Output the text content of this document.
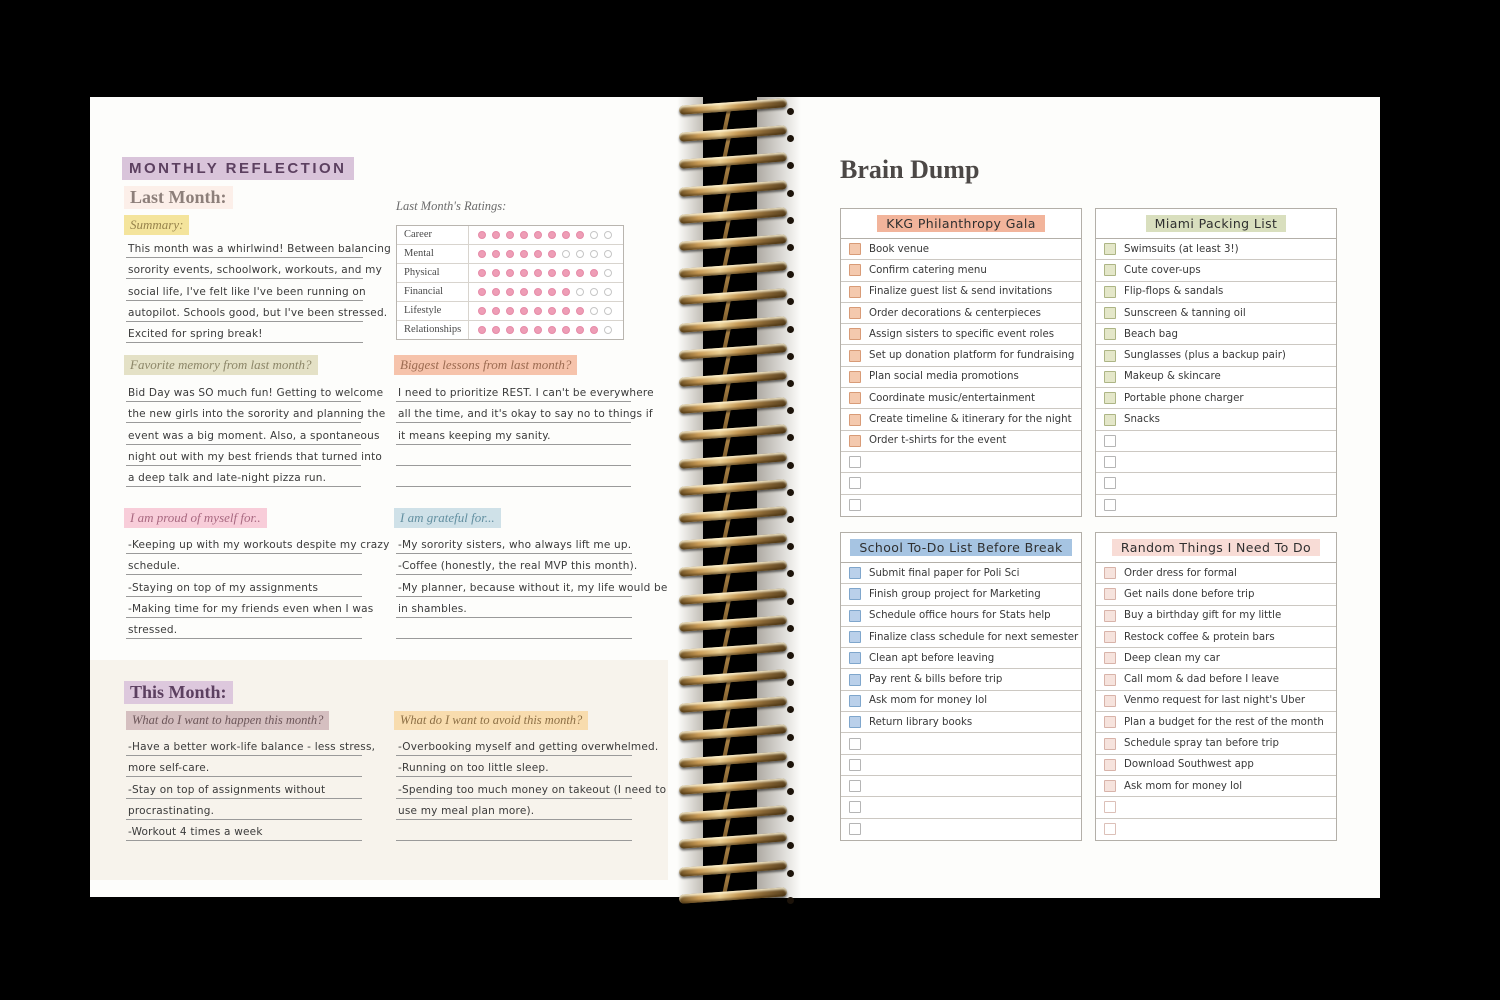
MONTHLY REFLECTION
Last Month:
Summary:
This month was a whirlwind! Between balancing
sorority events, schoolwork, workouts, and my
social life, I've felt like I've been running on
autopilot. Schools good, but I've been stressed.
Excited for spring break!
Last Month's Ratings:
Career
Mental
Physical
Financial
Lifestyle
Relationships
Favorite memory from last month?
Bid Day was SO much fun! Getting to welcome
the new girls into the sorority and planning the
event was a big moment. Also, a spontaneous
night out with my best friends that turned into
a deep talk and late-night pizza run.
Biggest lessons from last month?
I need to prioritize REST. I can't be everywhere
all the time, and it's okay to say no to things if
it means keeping my sanity.
I am proud of myself for..
-Keeping up with my workouts despite my crazy
schedule.
-Staying on top of my assignments
-Making time for my friends even when I was
stressed.
I am grateful for...
-My sorority sisters, who always lift me up.
-Coffee (honestly, the real MVP this month).
-My planner, because without it, my life would be
in shambles.
This Month:
What do I want to happen this month?
-Have a better work-life balance - less stress,
more self-care.
-Stay on top of assignments without
procrastinating.
-Workout 4 times a week
What do I want to avoid this month?
-Overbooking myself and getting overwhelmed.
-Running on too little sleep.
-Spending too much money on takeout (I need to
use my meal plan more).
Brain Dump
KKG Philanthropy Gala
Book venue
Confirm catering menu
Finalize guest list & send invitations
Order decorations & centerpieces
Assign sisters to specific event roles
Set up donation platform for fundraising
Plan social media promotions
Coordinate music/entertainment
Create timeline & itinerary for the night
Order t-shirts for the event
Miami Packing List
Swimsuits (at least 3!)
Cute cover-ups
Flip-flops & sandals
Sunscreen & tanning oil
Beach bag
Sunglasses (plus a backup pair)
Makeup & skincare
Portable phone charger
Snacks
School To-Do List Before Break
Submit final paper for Poli Sci
Finish group project for Marketing
Schedule office hours for Stats help
Finalize class schedule for next semester
Clean apt before leaving
Pay rent & bills before trip
Ask mom for money lol
Return library books
Random Things I Need To Do
Order dress for formal
Get nails done before trip
Buy a birthday gift for my little
Restock coffee & protein bars
Deep clean my car
Call mom & dad before I leave
Venmo request for last night's Uber
Plan a budget for the rest of the month
Schedule spray tan before trip
Download Southwest app
Ask mom for money lol
